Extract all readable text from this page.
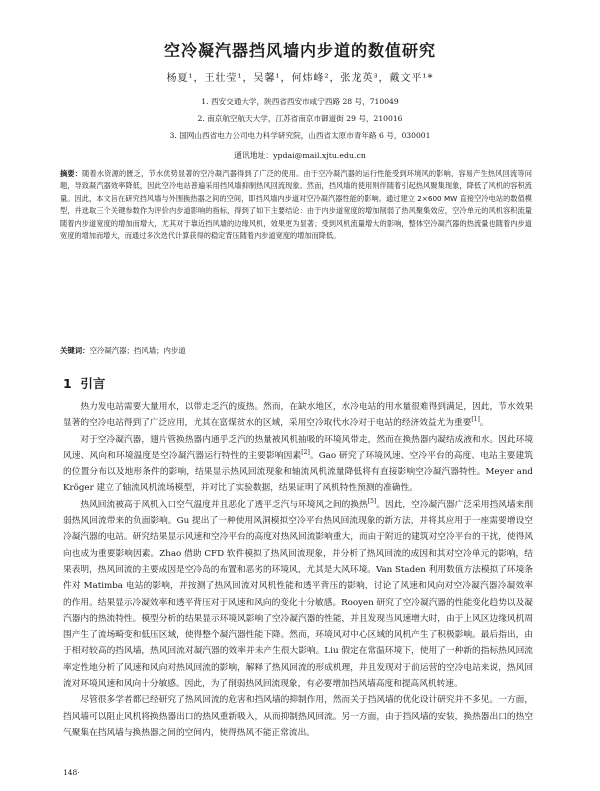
空冷凝汽器挡风墙内步道的数值研究
杨夏¹，王壮莹¹，吴馨¹，何炜峰²，张龙英³，戴文平¹*
1. 西安交通大学，陕西省西安市咸宁西路 28 号，710049
2. 南京航空航天大学，江苏省南京市御道街 29 号，210016
3. 国网山西省电力公司电力科学研究院，山西省太原市青年路 6 号，030001
通讯地址：ypdai@mail.xjtu.edu.cn
摘要：随着水资源的匮乏，节水优势显著的空冷凝汽器得到了广泛的使用。由于空冷凝汽器的运行性能受到环境风的影响，容易产生热风回流等问题，导致凝汽器效率降低，因此空冷电站普遍采用挡风墙抑制热风回流现象。然而，挡风墙的使用则伴随着引起热风聚集现象，降低了风机的容积流量。因此，本文旨在研究挡风墙与外围换热器之间的空间，即挡风墙内步道对空冷凝汽器性能的影响。通过建立 2×600 MW 直接空冷电站的数值模型，并选取三个关键参数作为评价内步道影响的指标，得到了如下主要结论：由于内步道宽度的增加削弱了热风聚集效应，空冷单元的风机容积流量随着内步道宽度的增加而增大，尤其对于靠近挡风墙的边缘风机，效果更为显著；受到风机流量增大的影响，整体空冷凝汽器的热流量也随着内步道宽度的增加而增大，而通过多次迭代计算获得的稳定背压随着内步道宽度的增加而降低。
关键词：空冷凝汽器；挡风墙；内步道
1 引言

热力发电站需要大量用水，以带走乏汽的废热。然而，在缺水地区，水冷电站的用水量很难得到满足，因此，节水效果显著的空冷电站得到了广泛应用，尤其在富煤贫水的区域，采用空冷取代水冷对于电站的经济效益尤为重要[1]。

对于空冷凝汽器，翅片管换热器内通乎乏汽的热量被风机抽吸的环境风带走，然而在换热器内凝结成液和水。因此环境风速、风向和环境温度是空冷凝汽器运行特性的主要影响因素[2]。Gao 研究了环境风速、空冷平台的高度、电站主要建筑的位置分布以及地形条件的影响，结果显示热风回流现象和轴流风机流量降低将有直接影响空冷凝汽器特性。Meyer and Kröger 建立了轴流风机流场模型，并对比了实验数据，结果证明了风机特性预测的准确性。

热风回流被高于风机入口空气温度并且恶化了透平乏汽与环境风之间的换热[5]。因此，空冷凝汽器广泛采用挡风墙来削弱热风回流带来的负面影响。Gu 提出了一种使用风洞模拟空冷平台热风回流现象的新方法，并将其应用于一座需要增设空冷凝汽器的电站。研究结果显示风速和空冷平台的高度对热风回流影响重大，而由于附近的建筑对空冷平台的干扰，使得风向也成为重要影响因素。Zhao 借助 CFD 软件模拟了热风回流现象，并分析了热风回流的成因和其对空冷单元的影响，结果表明，热风回流的主要成因是空冷岛的布置和恶劣的环境风，尤其是大风环境。Van Staden 利用数值方法模拟了环境条件对 Matimba 电站的影响，并按测了热风回流对风机性能和透平背压的影响，讨论了风速和风向对空冷凝汽器冷凝效率的作用。结果显示冷凝效率和透平背压对于风速和风向的变化十分敏感。Rooyen 研究了空冷凝汽器的性能变化趋势以及凝汽器内的热流特性。模型分析的结果显示环境风影响了空冷凝汽器的性能，并且发现当风速增大时，由于上风区边缘风机周围产生了流场畸变和低压区域，使得整个凝汽器性能下降。然而，环境风对中心区域的风机产生了积极影响。最后指出，由于相对较高的挡风墙，热风回流对凝汽器的效率并未产生很大影响。Liu 假定在常温环境下，使用了一种新的指标热风回流率定性地分析了风速和风向对热风回流的影响，解释了热风回流的形成机理，并且发现对于前运营的空冷电站来说，热风回流对环境风速和风向十分敏感。因此，为了削弱热风回流现象，有必要增加挡风墙高度和提高风机转速。

尽管很多学者都已经研究了热风回流的危害和挡风墙的抑制作用，然而关于挡风墙的优化设计研究并不多见。一方面，挡风墙可以阻止风机将换热器出口的热风重新吸入，从而抑制热风回流。另一方面，由于挡风墙的安装，换热器出口的热空气聚集在挡风墙与换热器之间的空间内，使得热风不能正常流出。

148·
